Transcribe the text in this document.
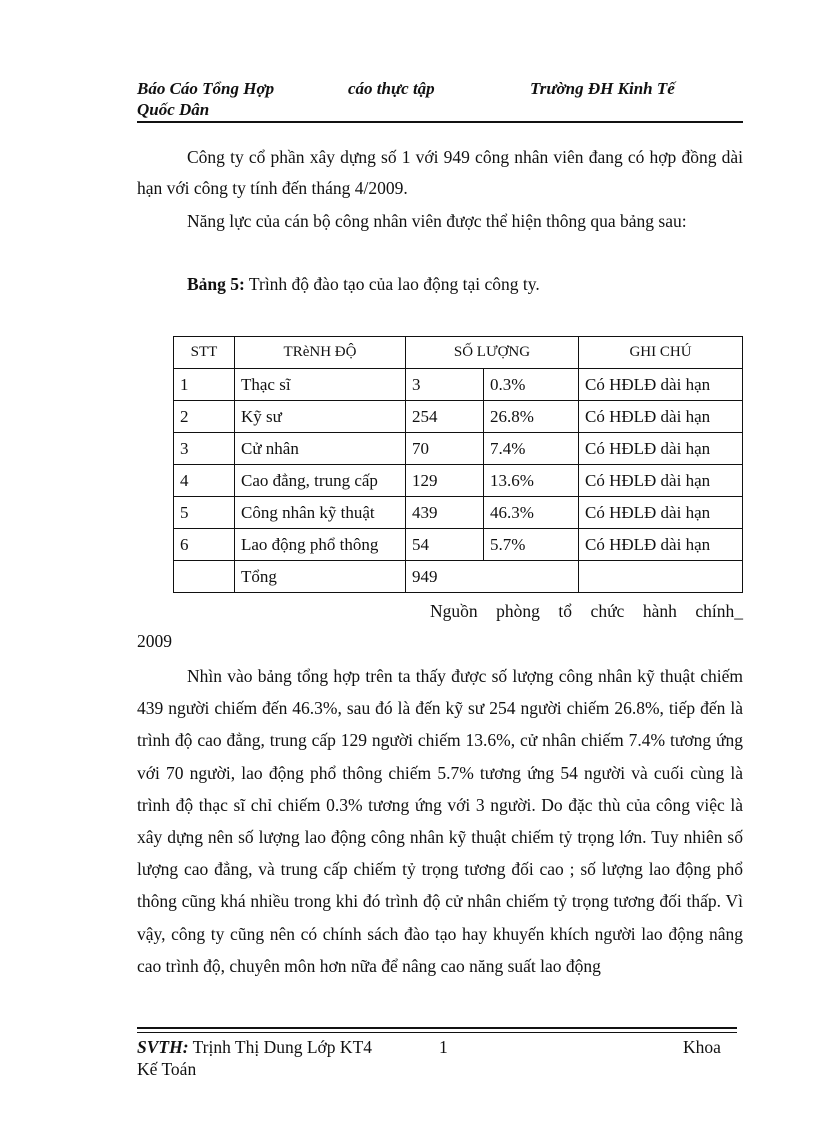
Báo Cáo Tổng Hợp	cáo thực tập	Trường ĐH Kinh Tế
Quốc Dân
Công ty cổ phần xây dựng số 1 với 949 công nhân viên đang có hợp đồng dài hạn với công ty tính đến tháng 4/2009.
Năng lực của cán bộ công nhân viên được thể hiện thông qua bảng sau:
Bảng 5: Trình độ đào tạo của lao động tại công ty.
STT	TRèNH ĐỘ	SỐ LƯỢNG		GHI CHÚ
1	Thạc sĩ	3	0.3%	Có HĐLĐ dài hạn
2	Kỹ sư	254	26.8%	Có HĐLĐ dài hạn
3	Cử nhân	70	7.4%	Có HĐLĐ dài hạn
4	Cao đẳng, trung cấp	129	13.6%	Có HĐLĐ dài hạn
5	Công nhân kỹ thuật	439	46.3%	Có HĐLĐ dài hạn
6	Lao động phổ thông	54	5.7%	Có HĐLĐ dài hạn
	Tổng	949		
Nguồn phòng tổ chức hành chính_
2009
Nhìn vào bảng tổng hợp trên ta thấy được số lượng công nhân kỹ thuật chiếm 439 người chiếm đến 46.3%, sau đó là đến kỹ sư 254 người chiếm 26.8%, tiếp đến là trình độ cao đẳng, trung cấp 129 người chiếm 13.6%, cử nhân chiếm 7.4% tương ứng với 70 người, lao động phổ thông chiếm 5.7% tương ứng 54 người và cuối cùng là trình độ thạc sĩ chỉ chiếm 0.3% tương ứng với 3 người. Do đặc thù của công việc là xây dựng nên số lượng lao động công nhân kỹ thuật chiếm tỷ trọng lớn. Tuy nhiên số lượng cao đẳng, và trung cấp chiếm tỷ trọng tương đối cao ; số lượng lao động phổ thông cũng khá nhiều trong khi đó trình độ cử nhân chiếm tỷ trọng tương đối thấp. Vì vậy, công ty cũng nên có chính sách đào tạo hay khuyến khích người lao động nâng cao trình độ, chuyên môn hơn nữa để nâng cao năng suất lao động
SVTH: Trịnh Thị Dung Lớp KT4	1	Khoa
Kế Toán
